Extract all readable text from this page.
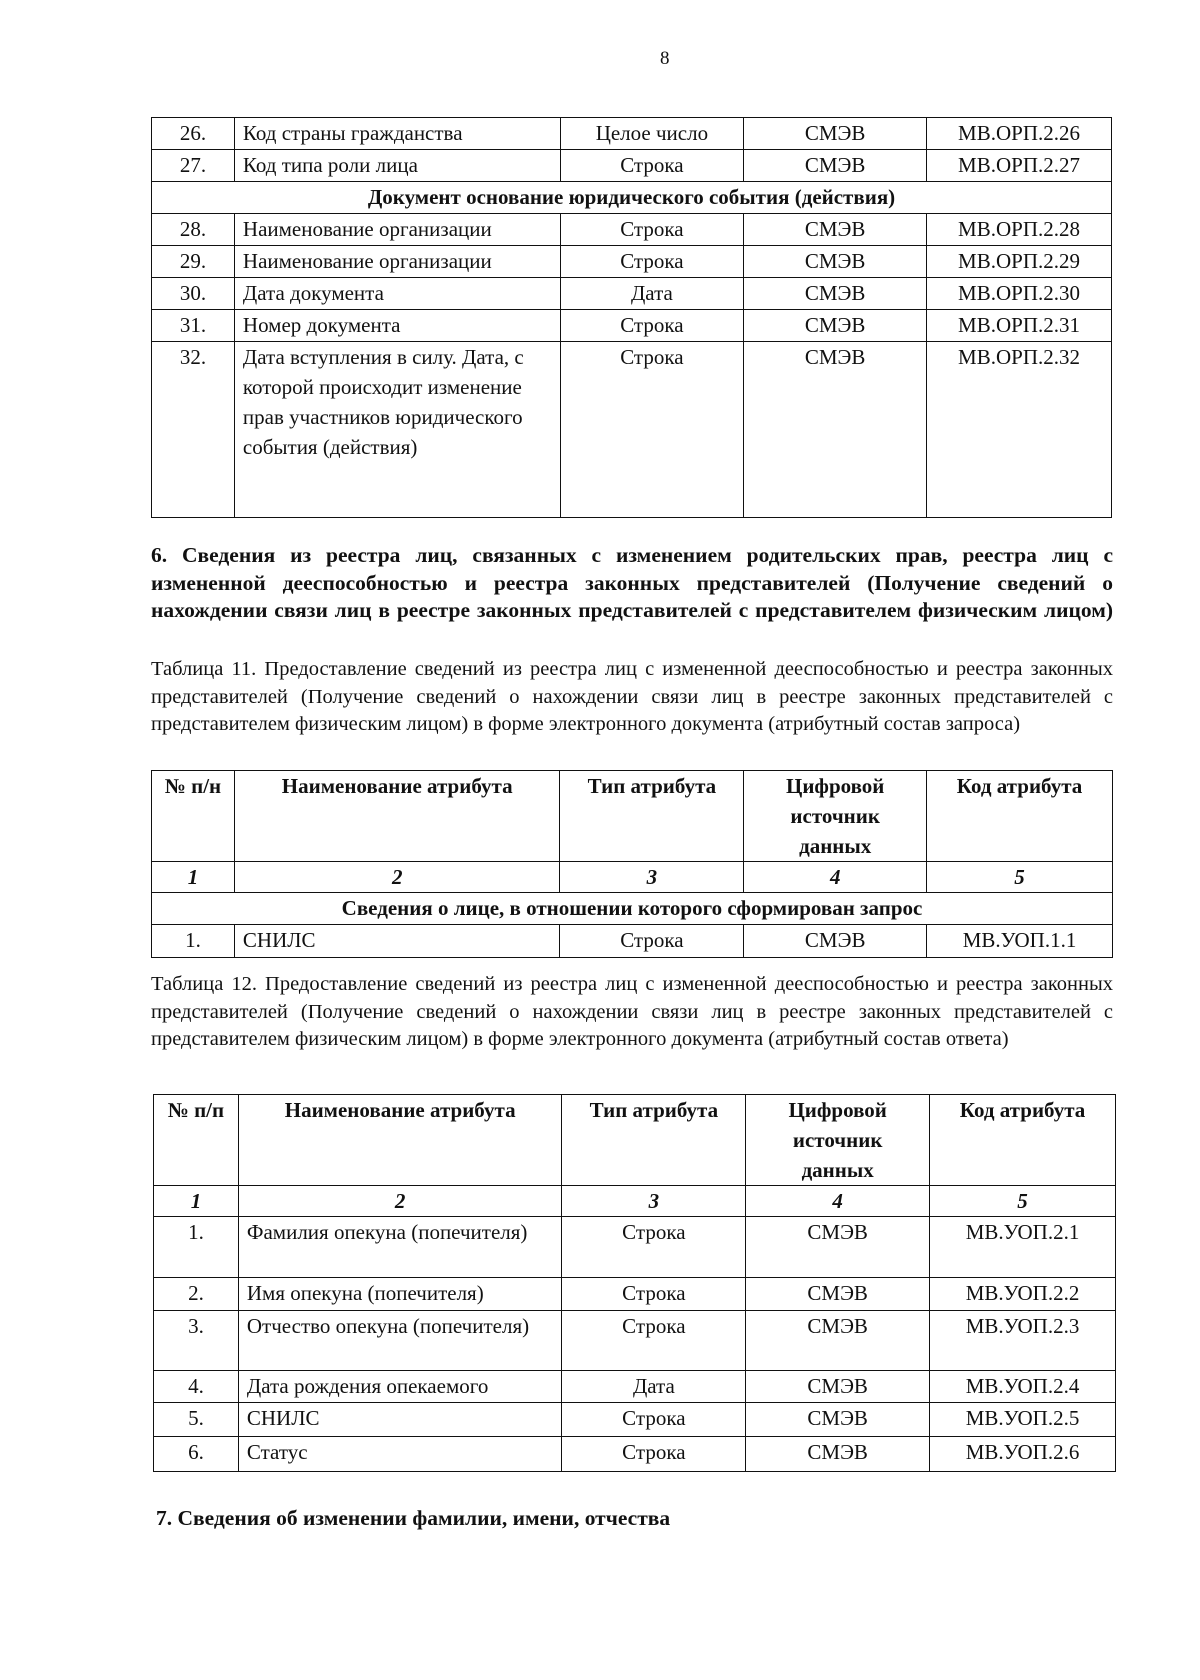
8
26.	Код страны гражданства	Целое число	СМЭВ	МВ.ОРП.2.26
27.	Код типа роли лица	Строка	СМЭВ	МВ.ОРП.2.27
Документ основание юридического события (действия)				
28.	Наименование организации	Строка	СМЭВ	МВ.ОРП.2.28
29.	Наименование организации	Строка	СМЭВ	МВ.ОРП.2.29
30.	Дата документа	Дата	СМЭВ	МВ.ОРП.2.30
31.	Номер документа	Строка	СМЭВ	МВ.ОРП.2.31
32.	Дата вступления в силу. Дата, с которой происходит изменение прав участников юридического события (действия)	Строка	СМЭВ	МВ.ОРП.2.32
6. Сведения из реестра лиц, связанных с изменением родительских прав, реестра лиц с измененной дееспособностью и реестра законных представителей (Получение сведений о нахождении связи лиц в реестре законных представителей с представителем физическим лицом)
Таблица 11. Предоставление сведений из реестра лиц с измененной дееспособностью и реестра законных представителей (Получение сведений о нахождении связи лиц в реестре законных представителей с представителем физическим лицом) в форме электронного документа (атрибутный состав запроса)
№ п/н	Наименование атрибута	Тип атрибута	Цифровой источник данных	Код атрибута
1	2	3	4	5
Сведения о лице, в отношении которого сформирован запрос				
1.	СНИЛС	Строка	СМЭВ	МВ.УОП.1.1
Таблица 12. Предоставление сведений из реестра лиц с измененной дееспособностью и реестра законных представителей (Получение сведений о нахождении связи лиц в реестре законных представителей с представителем физическим лицом) в форме электронного документа (атрибутный состав ответа)
№ п/п	Наименование атрибута	Тип атрибута	Цифровой источник данных	Код атрибута
1	2	3	4	5
1.	Фамилия опекуна (попечителя)	Строка	СМЭВ	МВ.УОП.2.1
2.	Имя опекуна (попечителя)	Строка	СМЭВ	МВ.УОП.2.2
3.	Отчество опекуна (попечителя)	Строка	СМЭВ	МВ.УОП.2.3
4.	Дата рождения опекаемого	Дата	СМЭВ	МВ.УОП.2.4
5.	СНИЛС	Строка	СМЭВ	МВ.УОП.2.5
6.	Статус	Строка	СМЭВ	МВ.УОП.2.6
7. Сведения об изменении фамилии, имени, отчества
